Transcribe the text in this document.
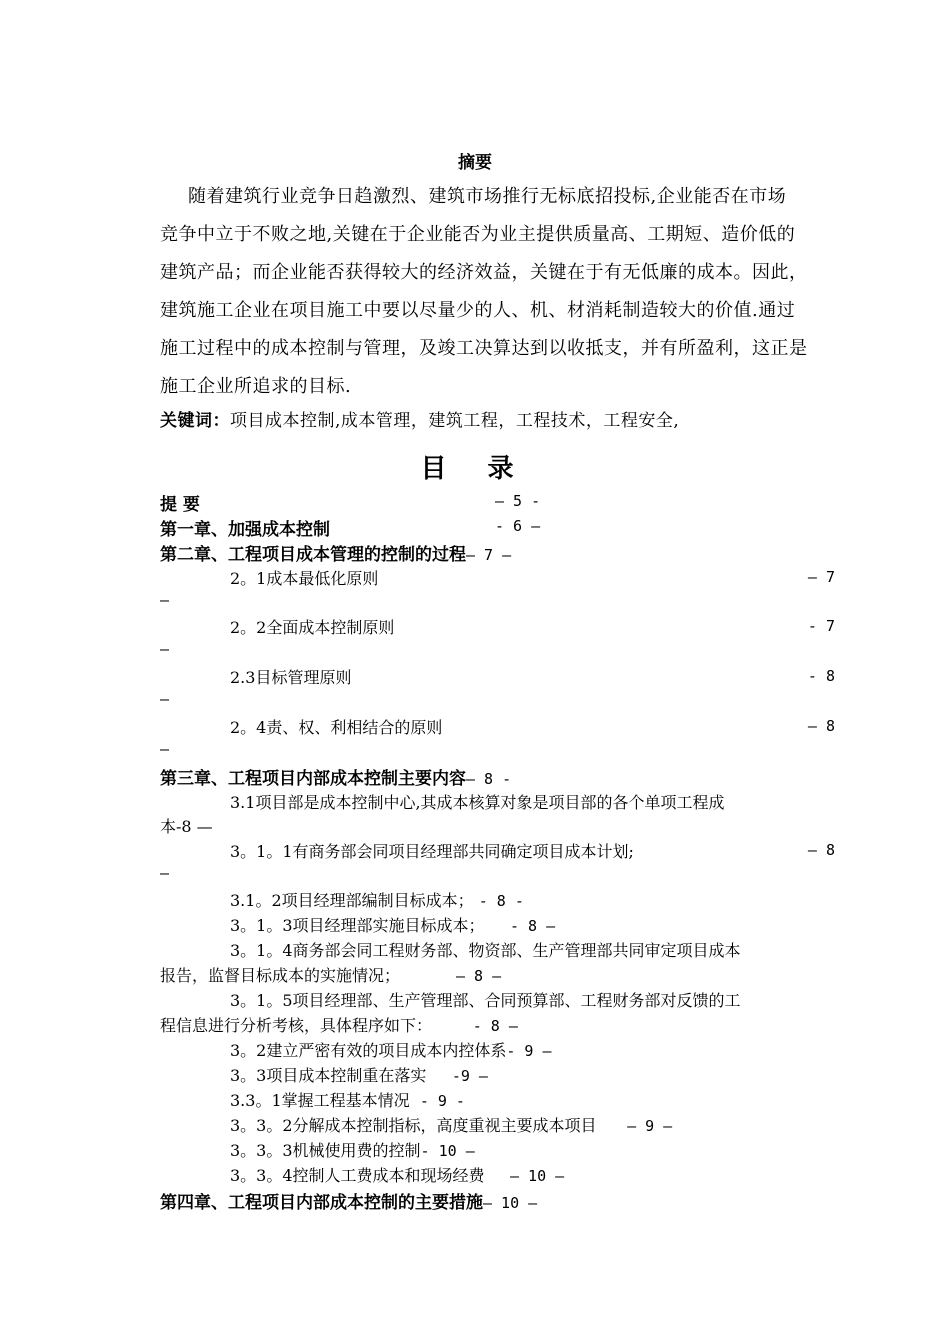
摘要
随着建筑行业竞争日趋激烈、建筑市场推行无标底招投标,企业能否在市场
竞争中立于不败之地,关键在于企业能否为业主提供质量高、工期短、造价低的
建筑产品；而企业能否获得较大的经济效益，关键在于有无低廉的成本。因此，
建筑施工企业在项目施工中要以尽量少的人、机、材消耗制造较大的价值.通过
施工过程中的成本控制与管理，及竣工决算达到以收抵支，并有所盈利，这正是
施工企业所追求的目标.
关键词：项目成本控制,成本管理，建筑工程，工程技术，工程安全,
目 录
提 要	— 5 -
第一章、加强成本控制	- 6 —
第二章、工程项目成本管理的控制的过程— 7 —
2。1成本最低化原则	— 7
—
2。2全面成本控制原则	- 7
—
2.3目标管理原则	- 8
—
2。4责、权、利相结合的原则	— 8
—
第三章、工程项目内部成本控制主要内容— 8 -
3.1项目部是成本控制中心,其成本核算对象是项目部的各个单项工程成
本-8 —
3。1。1有商务部会同项目经理部共同确定项目成本计划;	— 8
—
3.1。2项目经理部编制目标成本； - 8 -
3。1。3项目经理部实施目标成本； - 8 —
3。1。4商务部会同工程财务部、物资部、生产管理部共同审定项目成本
报告，监督目标成本的实施情况；	— 8 —
3。1。5项目经理部、生产管理部、合同预算部、工程财务部对反馈的工
程信息进行分析考核，具体程序如下：	- 8 —
3。2建立严密有效的项目成本内控体系- 9 —
3。3项目成本控制重在落实 -9 —
3.3。1掌握工程基本情况 - 9 -
3。3。2分解成本控制指标，高度重视主要成本项目 — 9 —
3。3。3机械使用费的控制- 10 —
3。3。4控制人工费成本和现场经费 — 10 —
第四章、工程项目内部成本控制的主要措施— 10 —
